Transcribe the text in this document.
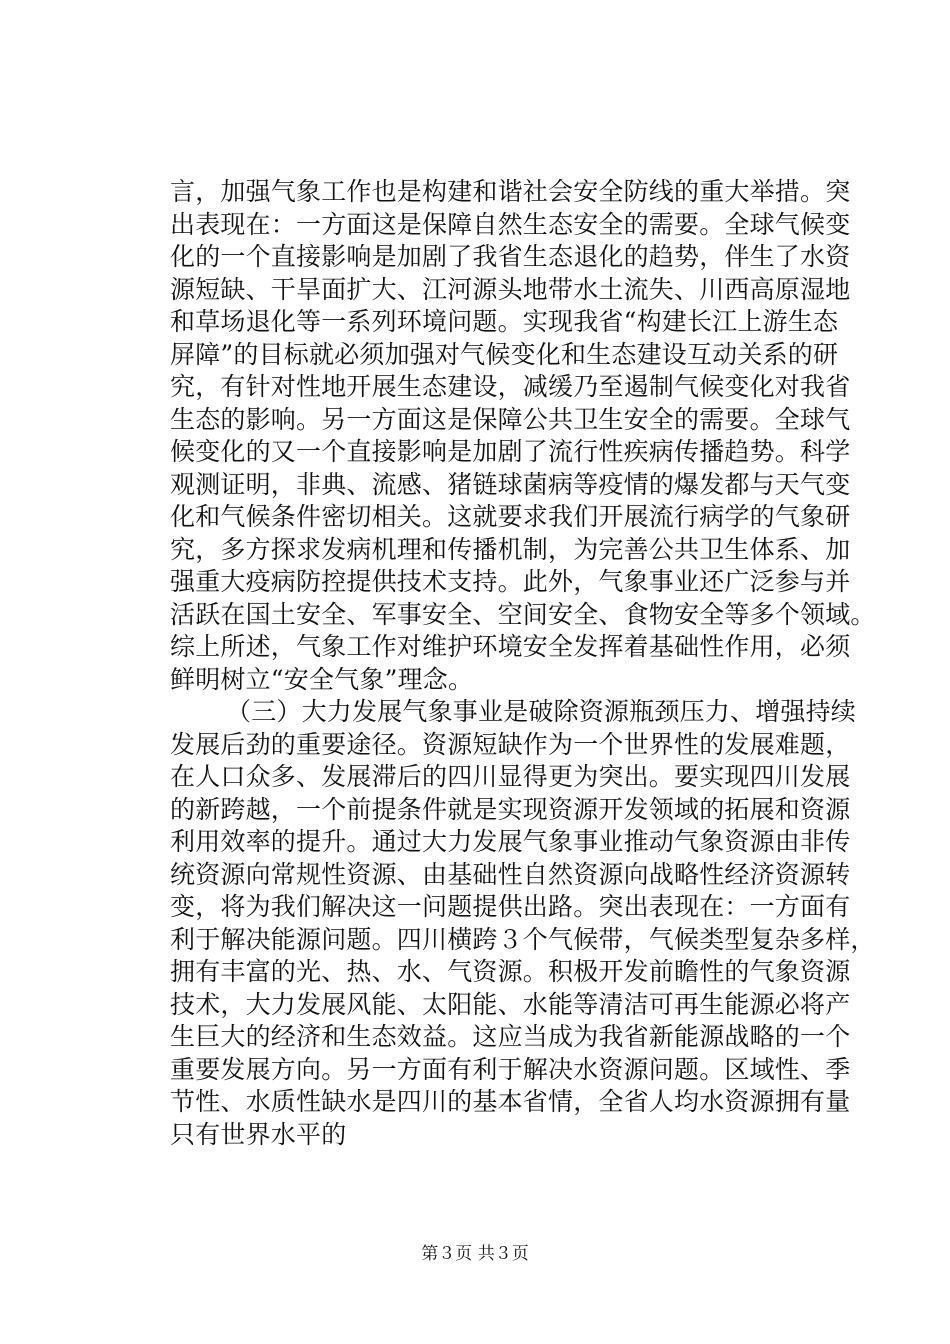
言，加强气象工作也是构建和谐社会安全防线的重大举措。突
出表现在：一方面这是保障自然生态安全的需要。全球气候变
化的一个直接影响是加剧了我省生态退化的趋势，伴生了水资
源短缺、干旱面扩大、江河源头地带水土流失、川西高原湿地
和草场退化等一系列环境问题。实现我省“构建长江上游生态
屏障”的目标就必须加强对气候变化和生态建设互动关系的研
究，有针对性地开展生态建设，减缓乃至遏制气候变化对我省
生态的影响。另一方面这是保障公共卫生安全的需要。全球气
候变化的又一个直接影响是加剧了流行性疾病传播趋势。科学
观测证明，非典、流感、猪链球菌病等疫情的爆发都与天气变
化和气候条件密切相关。这就要求我们开展流行病学的气象研
究，多方探求发病机理和传播机制，为完善公共卫生体系、加
强重大疫病防控提供技术支持。此外，气象事业还广泛参与并
活跃在国土安全、军事安全、空间安全、食物安全等多个领域。
综上所述，气象工作对维护环境安全发挥着基础性作用，必须
鲜明树立“安全气象”理念。
（三）大力发展气象事业是破除资源瓶颈压力、增强持续
发展后劲的重要途径。资源短缺作为一个世界性的发展难题，
在人口众多、发展滞后的四川显得更为突出。要实现四川发展
的新跨越，一个前提条件就是实现资源开发领域的拓展和资源
利用效率的提升。通过大力发展气象事业推动气象资源由非传
统资源向常规性资源、由基础性自然资源向战略性经济资源转
变，将为我们解决这一问题提供出路。突出表现在：一方面有
利于解决能源问题。四川横跨３个气候带，气候类型复杂多样，
拥有丰富的光、热、水、气资源。积极开发前瞻性的气象资源
技术，大力发展风能、太阳能、水能等清洁可再生能源必将产
生巨大的经济和生态效益。这应当成为我省新能源战略的一个
重要发展方向。另一方面有利于解决水资源问题。区域性、季
节性、水质性缺水是四川的基本省情，全省人均水资源拥有量
只有世界水平的
第３页 共３页
